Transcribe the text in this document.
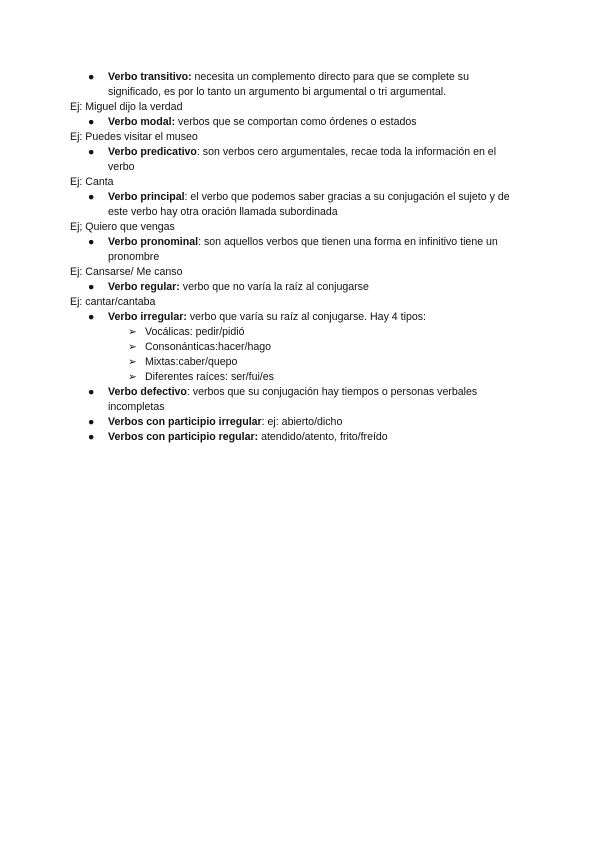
●	Verbo transitivo: necesita un complemento directo para que se complete su significado, es por lo tanto un argumento bi argumental o tri argumental.
Ej: Miguel dijo la verdad
●	Verbo modal: verbos que se comportan como órdenes o estados
Ej: Puedes visitar el museo
●	Verbo predicativo: son verbos cero argumentales, recae toda la información en el verbo
Ej: Canta
●	Verbo principal: el verbo que podemos saber gracias a su conjugación el sujeto y de este verbo hay otra oración llamada subordinada
Ej; Quiero que vengas
●	Verbo pronominal: son aquellos verbos que tienen una forma en infinitivo tiene un pronombre
Ej: Cansarse/ Me canso
●	Verbo regular: verbo que no varía la raíz al conjugarse
Ej: cantar/cantaba
●	Verbo irregular: verbo que varía su raíz al conjugarse. Hay 4 tipos:
➢ Vocálicas: pedir/pidió
➢ Consonánticas:hacer/hago
➢ Mixtas:caber/quepo
➢ Diferentes raíces: ser/fui/es
●	Verbo defectivo: verbos que su conjugación hay tiempos o personas verbales incompletas
●	Verbos con participio irregular: ej: abierto/dicho
●	Verbos con participio regular: atendido/atento, frito/freído
